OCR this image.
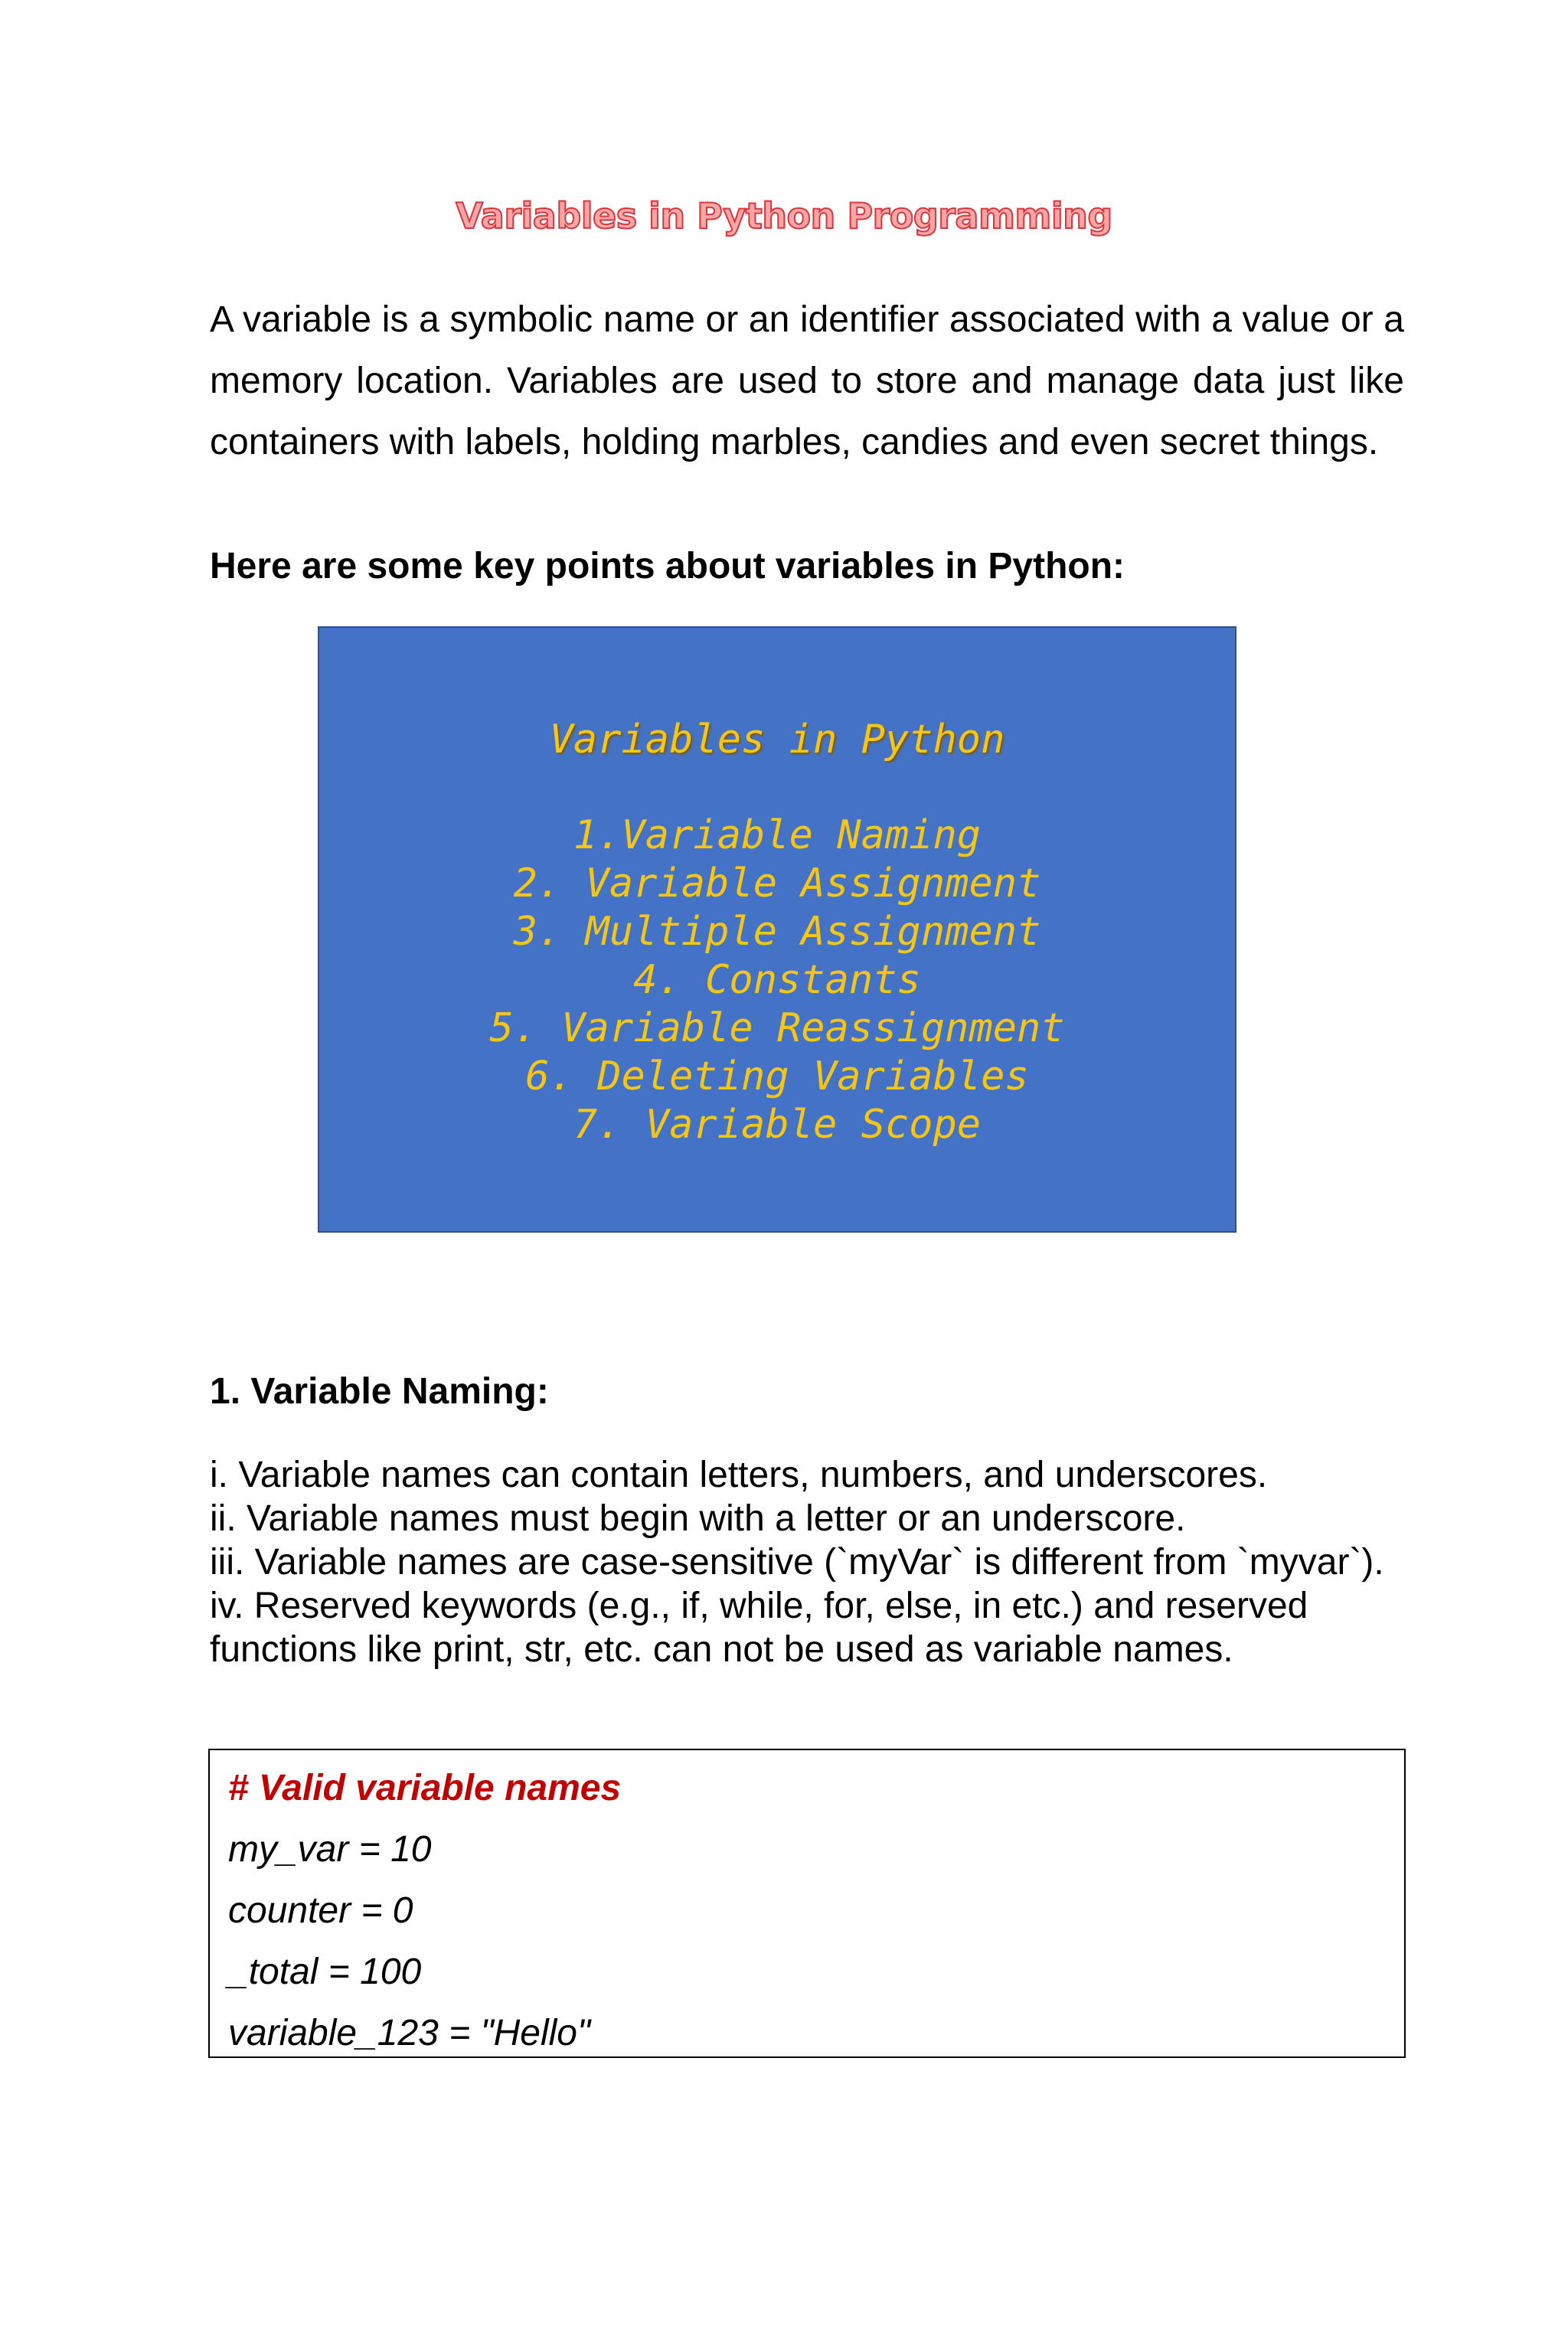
Variables in Python Programming

A variable is a symbolic name or an identifier associated with a value or a memory location. Variables are used to store and manage data just like containers with labels, holding marbles, candies and even secret things.

Here are some key points about variables in Python:

Variables in Python
1.Variable Naming
2. Variable Assignment
3. Multiple Assignment
4. Constants
5. Variable Reassignment
6. Deleting Variables
7. Variable Scope
1. Variable Naming:
i. Variable names can contain letters, numbers, and underscores.
ii. Variable names must begin with a letter or an underscore.
iii. Variable names are case-sensitive (`myVar` is different from `myvar`).
iv. Reserved keywords (e.g., if, while, for, else, in etc.) and reserved functions like print, str, etc. can not be used as variable names.
# Valid variable names
my_var = 10
counter = 0
_total = 100
variable_123 = "Hello"
